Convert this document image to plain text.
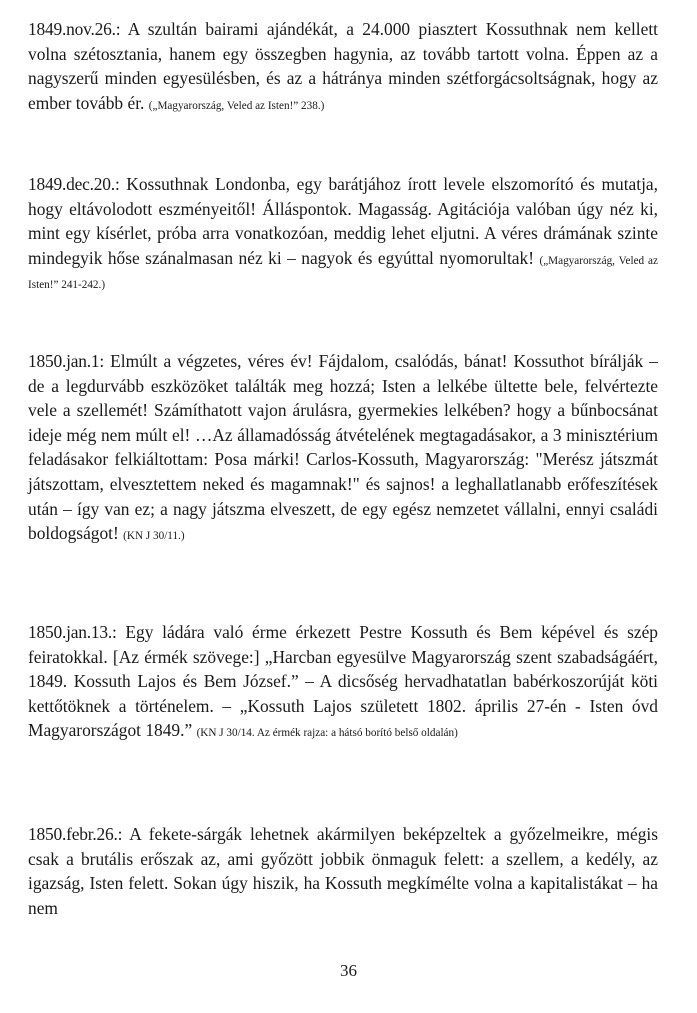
1849.nov.26.: A szultán bairami ajándékát, a 24.000 piasztert Kossuthnak nem kellett volna szétosztania, hanem egy összegben hagynia, az tovább tartott volna. Éppen az a nagyszerű minden egyesülésben, és az a hátránya minden szétforgácsoltságnak, hogy az ember tovább ér. („Magyarország, Veled az Isten!” 238.)

1849.dec.20.: Kossuthnak Londonba, egy barátjához írott levele elszomorító és mutatja, hogy eltávolodott eszményeitől! Álláspontok. Magasság. Agitációja valóban úgy néz ki, mint egy kísérlet, próba arra vonatkozóan, meddig lehet eljutni. A véres drámának szinte mindegyik hőse szánalmasan néz ki – nagyok és egyúttal nyomorultak! („Magyarország, Veled az Isten!” 241-242.)

1850.jan.1: Elmúlt a végzetes, véres év! Fájdalom, csalódás, bánat! Kossuthot bírálják – de a legdurvább eszközöket találták meg hozzá; Isten a lelkébe ültette bele, felvértezte vele a szellemét! Számíthatott vajon árulásra, gyermekies lelkében? hogy a bűnbocsánat ideje még nem múlt el! …Az államadósság átvételének megtagadásakor, a 3 minisztérium feladásakor felkiáltottam: Posa márki! Carlos-Kossuth, Magyarország: "Merész játszmát játszottam, elvesztettem neked és magamnak!" és sajnos! a leghallatlanabb erőfeszítések után – így van ez; a nagy játszma elveszett, de egy egész nemzetet vállalni, ennyi családi boldogságot! (KN J 30/11.)

1850.jan.13.: Egy ládára való érme érkezett Pestre Kossuth és Bem képével és szép feiratokkal. [Az érmék szövege:] „Harcban egyesülve Magyarország szent szabadságáért, 1849. Kossuth Lajos és Bem József.” – A dicsőség hervadhatatlan babérkoszorúját köti kettőtöknek a történelem. – „Kossuth Lajos született 1802. április 27-én - Isten óvd Magyarországot 1849.” (KN J 30/14. Az érmék rajza: a hátsó borító belső oldalán)

1850.febr.26.: A fekete-sárgák lehetnek akármilyen beképzeltek a győzelmeikre, mégis csak a brutális erőszak az, ami győzött jobbik önmaguk felett: a szellem, a kedély, az igazság, Isten felett. Sokan úgy hiszik, ha Kossuth megkímélte volna a kapitalistákat – ha nem

36
